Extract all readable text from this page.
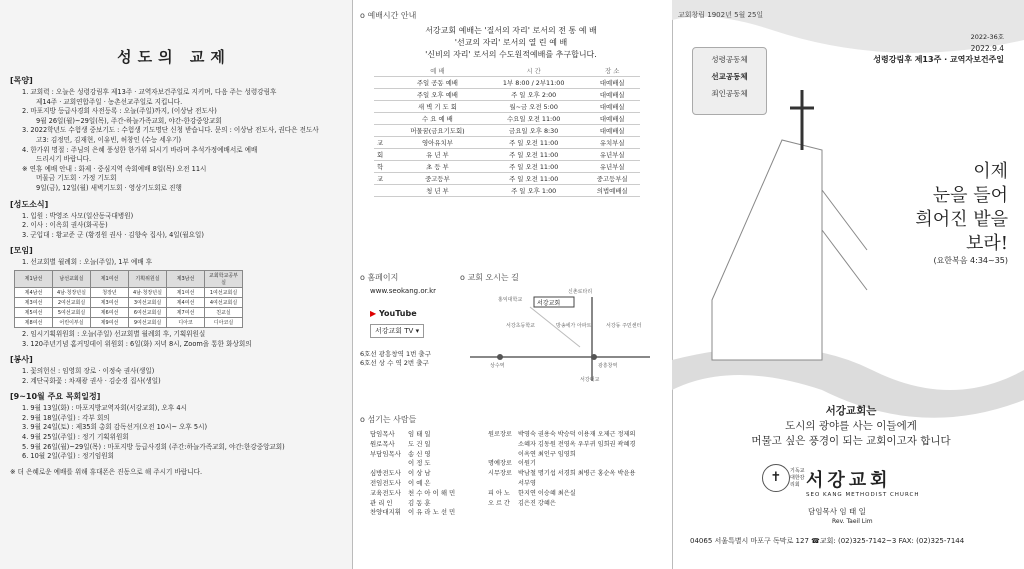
성도의 교제
[목양]
1. 교회력 : 오늘은 성령강림후 제13주 · 교역자보건주일로 지키며, 다음 주는 성령강림후
제14주 · 교회연합주일 · 농촌선교주일로 지킵니다.
2. 마포지방 등급사경회 사전등록 : 오늘(주일)까지, (이상남 전도사)
9월 26일(월)~29일(목), 주간-하늘가족교회, 야간-한강중앙교회
3. 2022학년도 수험생 중보기도 : 수험생 기도명단 신청 받습니다. 문의 : 이상남 전도사, 권다은 전도사
고3: 김정민, 김재현, 이유빈, 허창인 (수능 세우기)
4. 한가위 명절 : 주님의 은혜 풍성한 한가위 되시기 바라며 추석가정예배서로 예배
드리시기 바랍니다.
※ 연휴 예배 안내 : 화제 · 중심지역 속회예배 8일(목) 오전 11시
머물금 기도회 · 가정 기도회
9일(금), 12일(월) 새벽기도회 · 영상기도회로 진행
[성도소식]
1. 입원 : 박영조 사모(일산동국대병원)
2. 이사 : 이옥희 권사(화곡동)
3. 군입대 : 황교준 군 (황경원 권사 · 김향숙 집사), 4일(월요일)
[모임]
1. 선교회별 월례회 : 오늘(주일), 1부 예배 후
제1남선	남선교회실	제1여선	기획위원실	제3남선	교회학교공부실
제4남선	4남·청장년실	청장년	4남·청장년실	제1여선	1여선교회실
제3여선	2여선교회실	제3여선	3여선교회실	제4여선	4여선교회실
제5여선	5여선교회실	제6여선	6여선교회실	제7여선	친교실
제8여선	어린이부실	제9여선	9여선교회실	디아코	디아코실
2. 임시기획위원회 : 오늘(주일) 선교회별 월례회 후, 기획위원실
3. 120주년기념 홈커밍데이 위원회 : 6일(화) 저녁 8시, Zoom을 통한 화상회의
[봉사]
1. 꽃의헌신 : 임영희 장로 · 이정숙 권사(생일)
2. 계단국화꽃 : 차재광 권사 · 김순경 집사(생일)
[9~10월 주요 목회일정]
1. 9월 13일(화) : 마포지방교역자회(서강교회), 오후 4시
2. 9월 18일(주일) : 각부 회의
3. 9월 24일(토) : 제35회 총회 감독선거(오전 10시~ 오후 5시)
4. 9월 25일(주일) : 정기 기획위원회
5. 9월 26일(월)~29일(목) : 마포지방 등급사경회 (주간:하늘가족교회, 야간:한강중앙교회)
6. 10월 2일(주일) : 정기임원회
※ 더 은혜로운 예배를 위해 휴대폰은 진동으로 해 주시기 바랍니다.
o 예배시간 안내
서강교회 예배는 '질서의 자리' 로서의 전 통 예 배
'선교의 자리' 로서의 열 린 예 배
'신비의 자리' 로서의 수도원적예배를 추구합니다.
	예 배	시 간	장 소
	주일 공동 예배	1부 8:00 / 2부11:00	대예배실
	주일 오후 예배	주 일 오후 2:00	대예배실
	새 벽 기 도 회	월~금 오전 5:00	대예배실
	수 요 예 배	수요일 오전 11:00	대예배실
	머물꿈(금요기도회)	금요일 오후 8:30	대예배실
교	영아유치부	주 일 오전 11:00	유치부실
회	유 년 부	주 일 오전 11:00	유년부실
학	초 등 부	주 일 오전 11:00	유년부실
교	중고등부	주 일 오전 11:00	중고등부실
	청 년 부	주 일 오후 1:00	의법예배실
o 홈페이지
www.seokang.or.kr
▶ YouTube
서강교회 TV ▾
6호선 광흥창역 1번 출구
6호선 상 수 역 2번 출구
o 교회 오시는 길
신촌로타리
홍익대학교 서강교회
서강초등학교	방송에가 아파트	서강동 주민센터
상수역	광흥창역
서강대교
o 섬기는 사람들
담임목사 임 태 일
원로목사 도 건 일
부담임목사 송 신 영
이 정 도
심방전도사 이 상 남
전임전도사 이 예 은
교육전도사 천 수 아 이 해 민
관 리 인 김 동 훈
찬양대지휘 이 유 라 노 선 민
원로장로 박영숙 권용숙 박승덕 이용재 오제근 정제의
소혜자 김동원 전영옥 우부귀 임희권 곽혜경
이옥연 최인구 임영희
명예장로 이원기
시무장로 박남철 명기섭 서경희 최병근 홍순옥 박윤용
서부영
피 아 노 한지연 이승혜 최은실
오 르 간 김은진 강혜은
교회창립 1902년 5월 25일
2022-36호
2022.9.4
성령강림후 제13주 · 교역자보건주일
성령공동체
선교공동체
죄인공동체
이제
눈을 들어
희어진 밭을
보라!
(요한복음 4:34~35)
서강교회는
도시의 광야를 사는 이들에게
머물고 싶은 풍경이 되는 교회이고자 합니다
✝	기독교대한감리회 서강교회
SEO KANG METHODIST CHURCH
담임목사 임 태 일
Rev. Taeil Lim
04065 서울특별시 마포구 독막로 127 ☎교회: (02)325-7142~3 FAX: (02)325-7144
